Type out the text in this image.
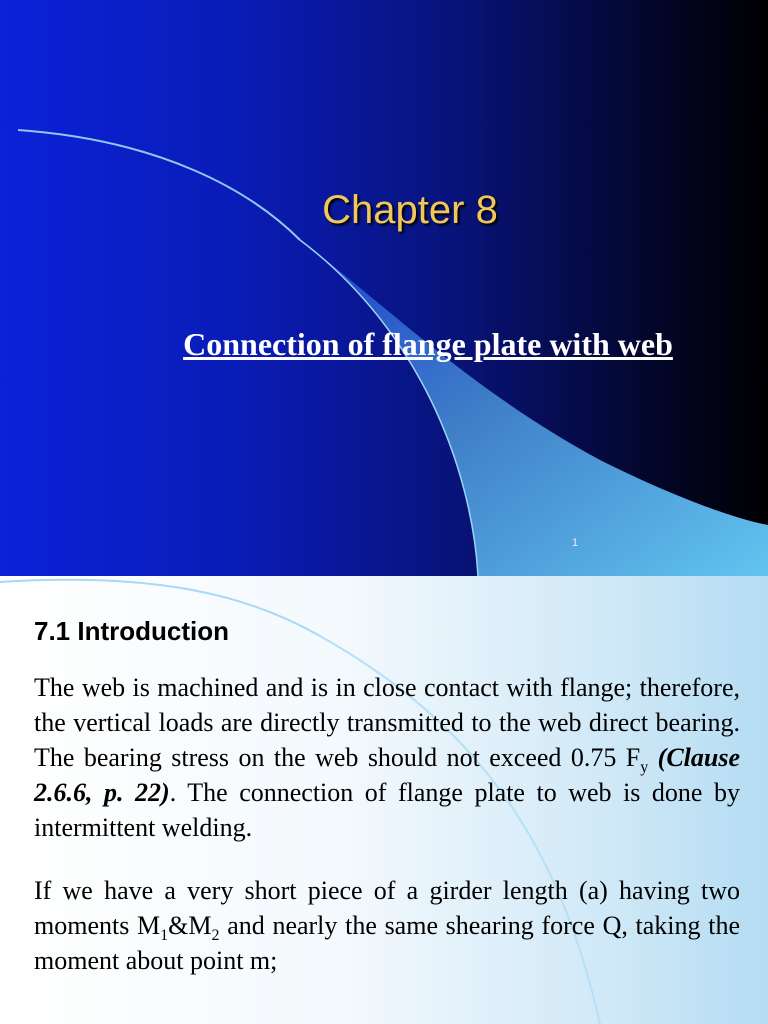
Chapter 8

Connection of flange plate with web

1
7.1 Introduction

The web is machined and is in close contact with flange; therefore, the vertical loads are directly transmitted to the web direct bearing. The bearing stress on the web should not exceed 0.75 $F_y$ (Clause 2.6.6, p. 22). The connection of flange plate to web is done by intermittent welding.

If we have a very short piece of a girder length (a) having two moments $M_1\&M_2$ and nearly the same shearing force Q, taking the moment about point m;
